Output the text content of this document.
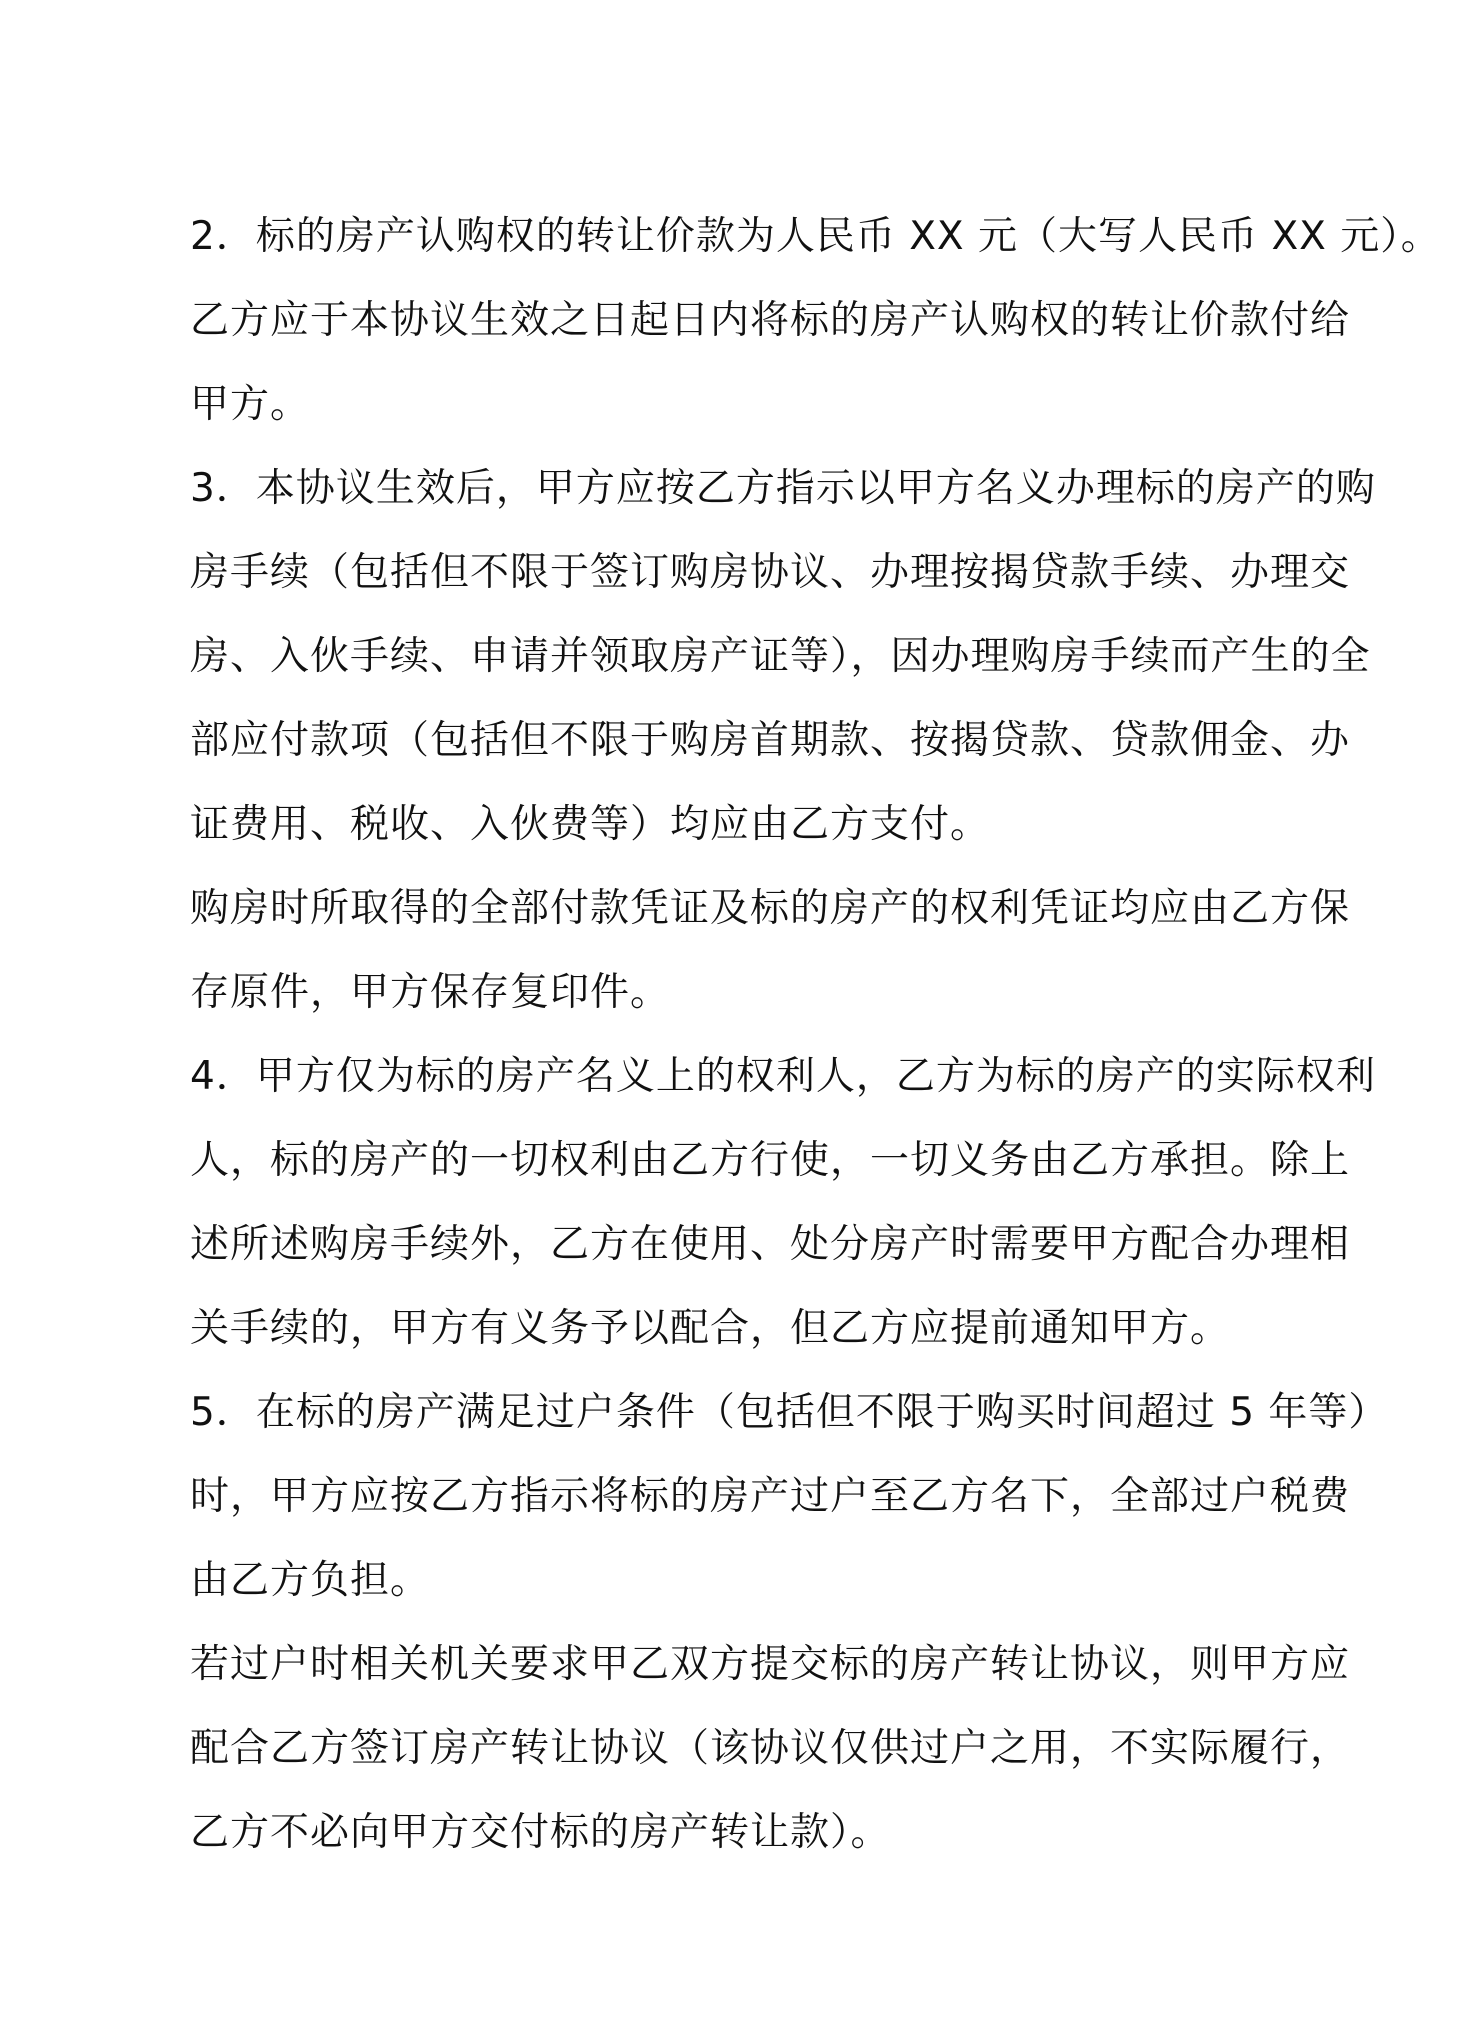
2．标的房产认购权的转让价款为人民币 XX 元（大写人民币 XX 元）。
乙方应于本协议生效之日起日内将标的房产认购权的转让价款付给
甲方。
3．本协议生效后，甲方应按乙方指示以甲方名义办理标的房产的购
房手续（包括但不限于签订购房协议、办理按揭贷款手续、办理交
房、入伙手续、申请并领取房产证等），因办理购房手续而产生的全
部应付款项（包括但不限于购房首期款、按揭贷款、贷款佣金、办
证费用、税收、入伙费等）均应由乙方支付。
购房时所取得的全部付款凭证及标的房产的权利凭证均应由乙方保
存原件，甲方保存复印件。
4．甲方仅为标的房产名义上的权利人，乙方为标的房产的实际权利
人，标的房产的一切权利由乙方行使，一切义务由乙方承担。除上
述所述购房手续外，乙方在使用、处分房产时需要甲方配合办理相
关手续的，甲方有义务予以配合，但乙方应提前通知甲方。
5．在标的房产满足过户条件（包括但不限于购买时间超过 5 年等）
时，甲方应按乙方指示将标的房产过户至乙方名下，全部过户税费
由乙方负担。
若过户时相关机关要求甲乙双方提交标的房产转让协议，则甲方应
配合乙方签订房产转让协议（该协议仅供过户之用，不实际履行，
乙方不必向甲方交付标的房产转让款）。
